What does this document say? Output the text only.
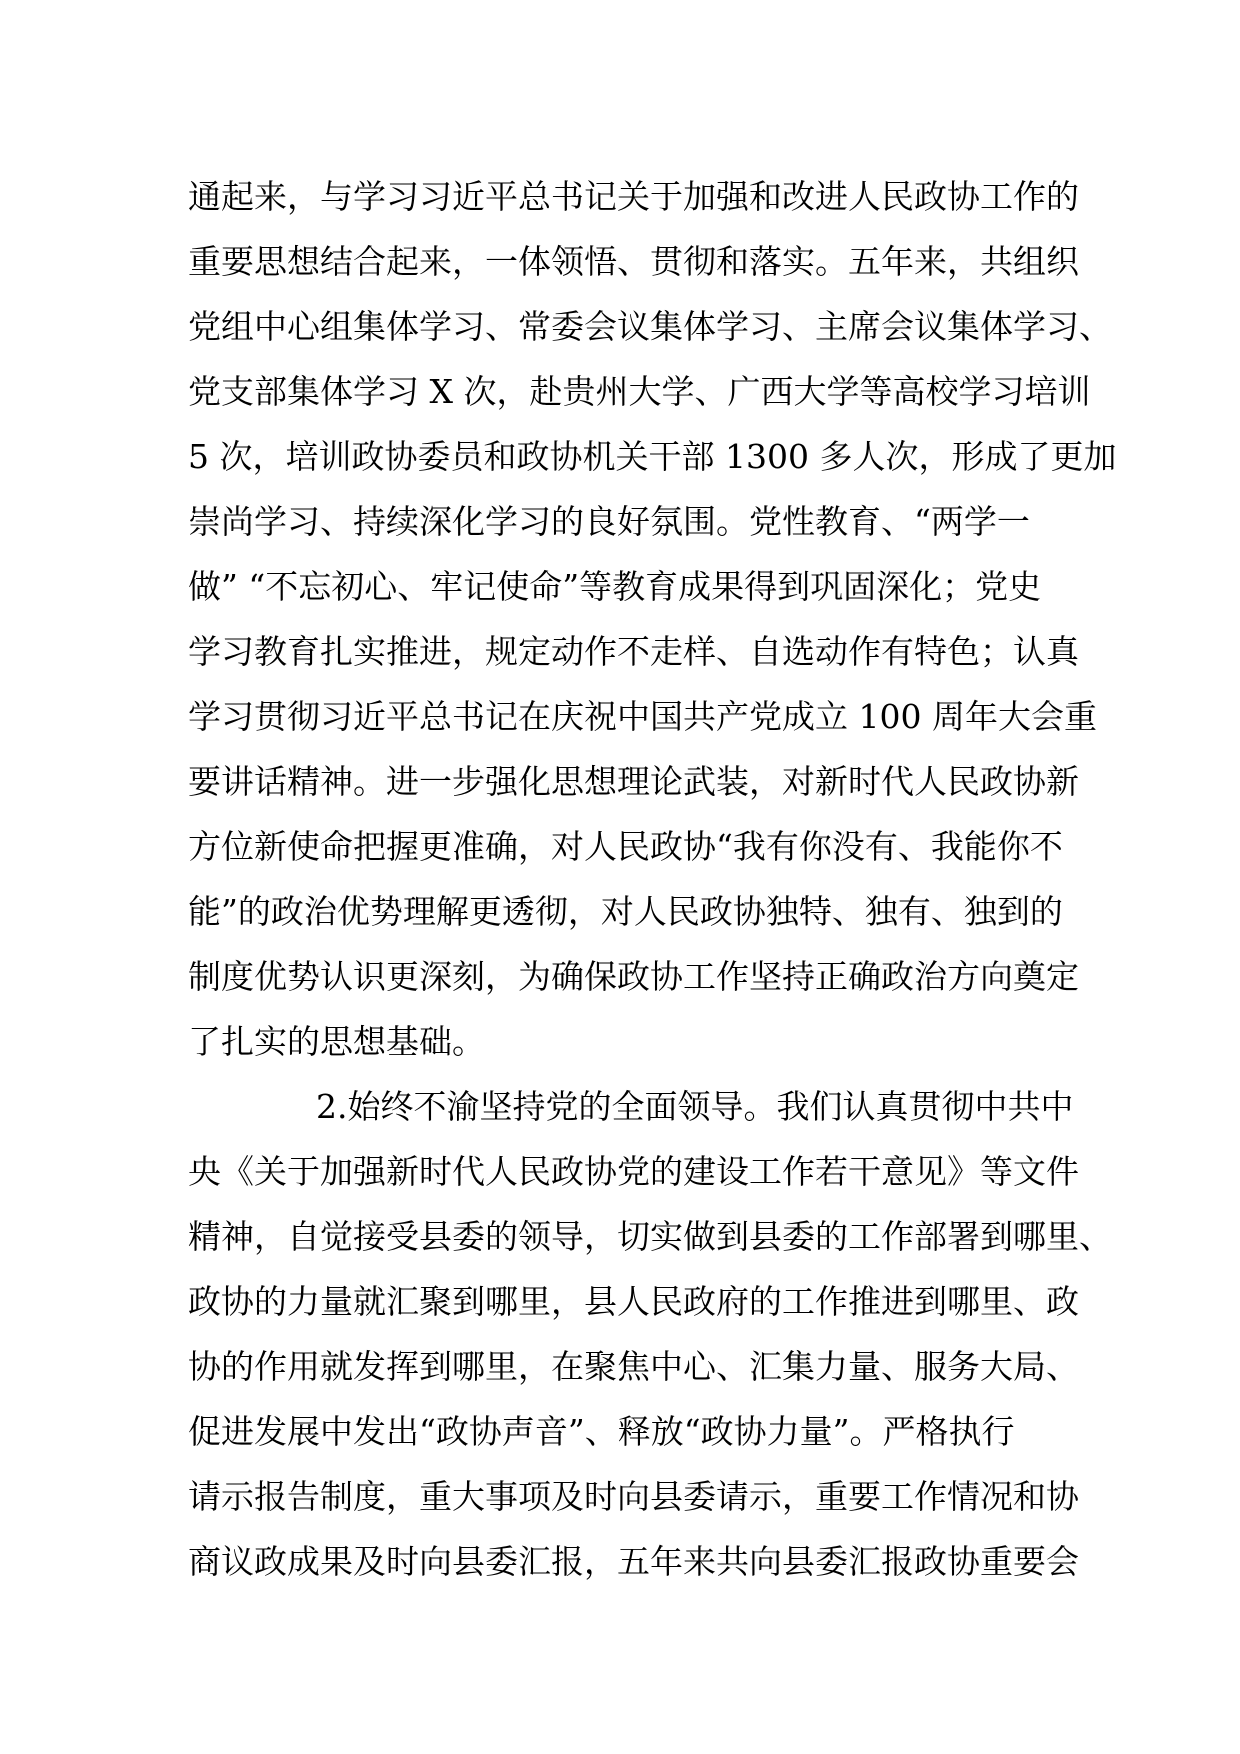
通起来，与学习习近平总书记关于加强和改进人民政协工作的
重要思想结合起来，一体领悟、贯彻和落实。五年来，共组织
党组中心组集体学习、常委会议集体学习、主席会议集体学习、
党支部集体学习 X 次，赴贵州大学、广西大学等高校学习培训
5 次，培训政协委员和政协机关干部 1300 多人次，形成了更加
崇尚学习、持续深化学习的良好氛围。党性教育、“两学一
做” “不忘初心、牢记使命”等教育成果得到巩固深化；党史
学习教育扎实推进，规定动作不走样、自选动作有特色；认真
学习贯彻习近平总书记在庆祝中国共产党成立 100 周年大会重
要讲话精神。进一步强化思想理论武装，对新时代人民政协新
方位新使命把握更准确，对人民政协“我有你没有、我能你不
能”的政治优势理解更透彻，对人民政协独特、独有、独到的
制度优势认识更深刻，为确保政协工作坚持正确政治方向奠定
了扎实的思想基础。
2.始终不渝坚持党的全面领导。我们认真贯彻中共中
央《关于加强新时代人民政协党的建设工作若干意见》等文件
精神，自觉接受县委的领导，切实做到县委的工作部署到哪里、
政协的力量就汇聚到哪里，县人民政府的工作推进到哪里、政
协的作用就发挥到哪里，在聚焦中心、汇集力量、服务大局、
促进发展中发出“政协声音”、释放“政协力量”。严格执行
请示报告制度，重大事项及时向县委请示，重要工作情况和协
商议政成果及时向县委汇报，五年来共向县委汇报政协重要会
